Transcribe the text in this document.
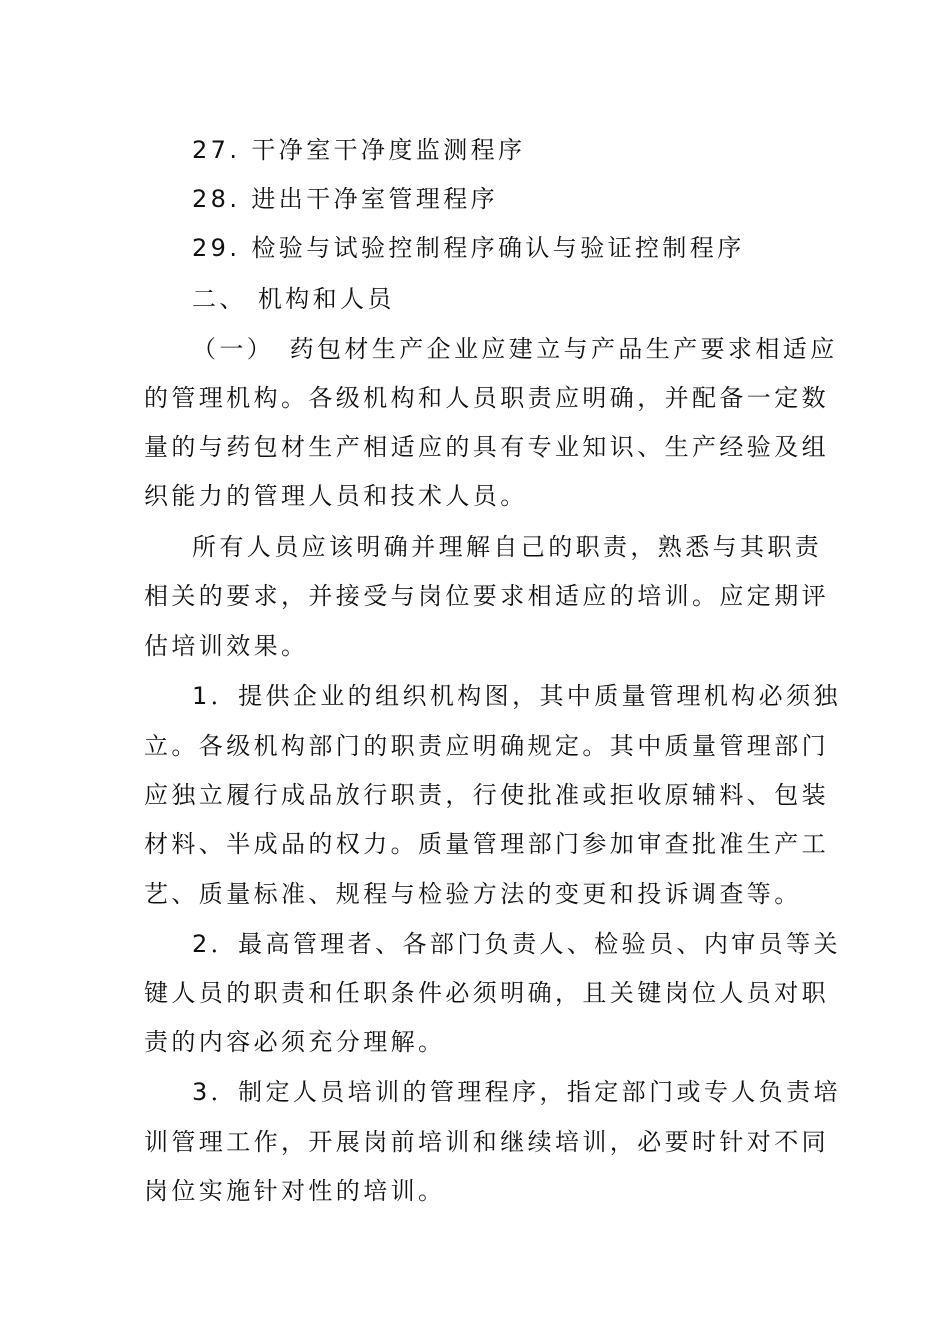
27. 干净室干净度监测程序
28. 进出干净室管理程序
29. 检验与试验控制程序确认与验证控制程序
二、 机构和人员
（一）　药包材生产企业应建立与产品生产要求相适应
的管理机构。各级机构和人员职责应明确，并配备一定数
量的与药包材生产相适应的具有专业知识、生产经验及组
织能力的管理人员和技术人员。
所有人员应该明确并理解自己的职责，熟悉与其职责
相关的要求，并接受与岗位要求相适应的培训。应定期评
估培训效果。
1．提供企业的组织机构图，其中质量管理机构必须独
立。各级机构部门的职责应明确规定。其中质量管理部门
应独立履行成品放行职责，行使批准或拒收原辅料、包装
材料、半成品的权力。质量管理部门参加审查批准生产工
艺、质量标准、规程与检验方法的变更和投诉调查等。
2．最高管理者、各部门负责人、检验员、内审员等关
键人员的职责和任职条件必须明确，且关键岗位人员对职
责的内容必须充分理解。
3．制定人员培训的管理程序，指定部门或专人负责培
训管理工作，开展岗前培训和继续培训，必要时针对不同
岗位实施针对性的培训。
